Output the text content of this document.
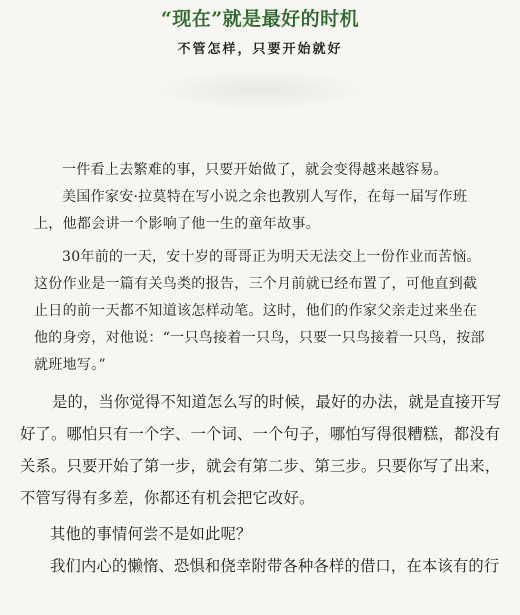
“现在”就是最好的时机
不管怎样，只要开始就好
一件看上去繁难的事，只要开始做了，就会变得越来越容易。
美国作家安·拉莫特在写小说之余也教别人写作，在每一届写作班
上，他都会讲一个影响了他一生的童年故事。
30年前的一天，安十岁的哥哥正为明天无法交上一份作业而苦恼。
这份作业是一篇有关鸟类的报告，三个月前就已经布置了，可他直到截
止日的前一天都不知道该怎样动笔。这时，他们的作家父亲走过来坐在
他的身旁，对他说：“一只鸟接着一只鸟，只要一只鸟接着一只鸟，按部
就班地写。”
是的，当你觉得不知道怎么写的时候，最好的办法，就是直接开写
好了。哪怕只有一个字、一个词、一个句子，哪怕写得很糟糕，都没有
关系。只要开始了第一步，就会有第二步、第三步。只要你写了出来，
不管写得有多差，你都还有机会把它改好。
其他的事情何尝不是如此呢？
我们内心的懒惰、恐惧和侥幸附带各种各样的借口，在本该有的行
